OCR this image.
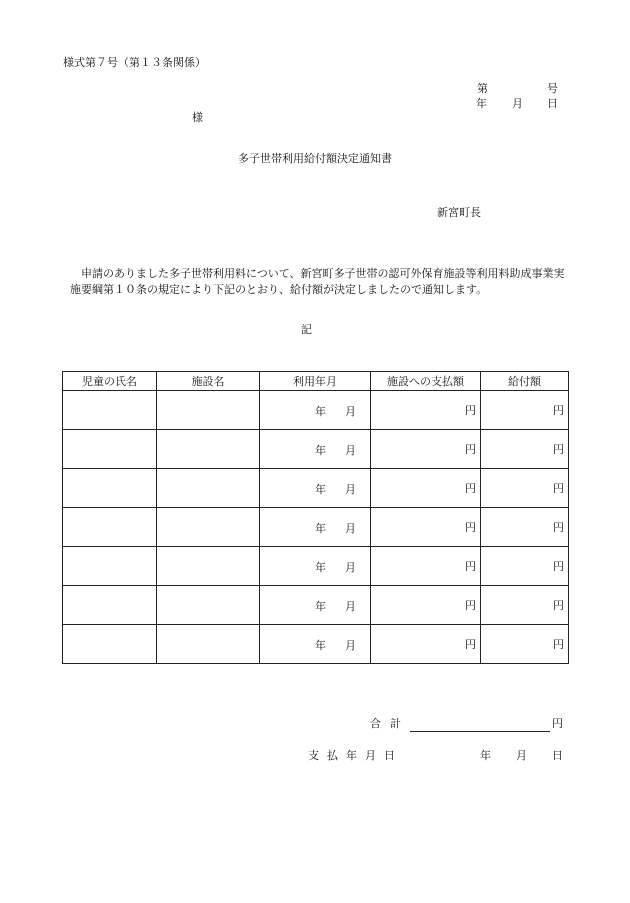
様式第７号（第１３条関係）
第	号
年 月 日
様
多子世帯利用給付額決定通知書
新宮町長
　申請のありました多子世帯利用料について、新宮町多子世帯の認可外保育施設等利用料助成事業実施要綱第１０条の規定により下記のとおり、給付額が決定しましたので通知します。
記
児童の氏名	施設名	利用年月	施設への支払額	給付額

		年 月	円	円

		年 月	円	円

		年 月	円	円

		年 月	円	円

		年 月	円	円

		年 月	円	円

		年 月	円	円
合計	円
支払年月日	年 月 日
